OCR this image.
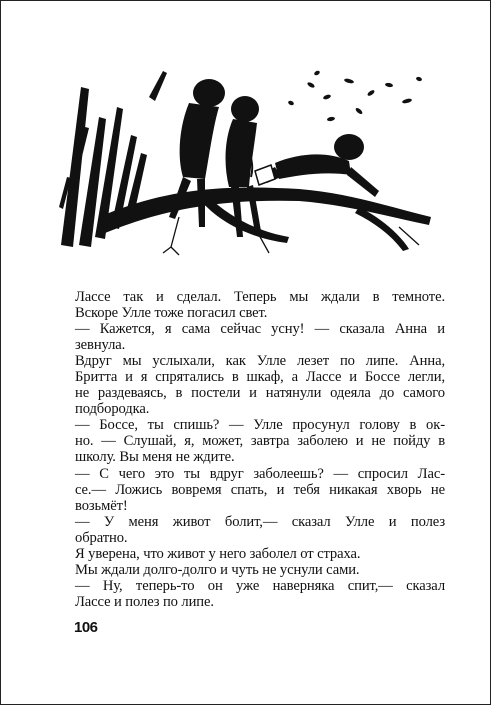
Лассе так и сделал. Теперь мы ждали в темноте.
Вскоре Улле тоже погасил свет.
— Кажется, я сама сейчас усну! — сказала Анна и
зевнула.
Вдруг мы услыхали, как Улле лезет по липе. Анна,
Бритта и я спрятались в шкаф, а Лассе и Боссе легли,
не раздеваясь, в постели и натянули одеяла до самого
подбородка.
— Боссе, ты спишь? — Улле просунул голову в ок-
но. — Слушай, я, может, завтра заболею и не пойду в
школу. Вы меня не ждите.
— С чего это ты вдруг заболеешь? — спросил Лас-
се.— Ложись вовремя спать, и тебя никакая хворь не
возьмёт!
— У меня живот болит,— сказал Улле и полез
обратно.
Я уверена, что живот у него заболел от страха.
Мы ждали долго-долго и чуть не уснули сами.
— Ну, теперь-то он уже наверняка спит,— сказал
Лассе и полез по липе.
106
